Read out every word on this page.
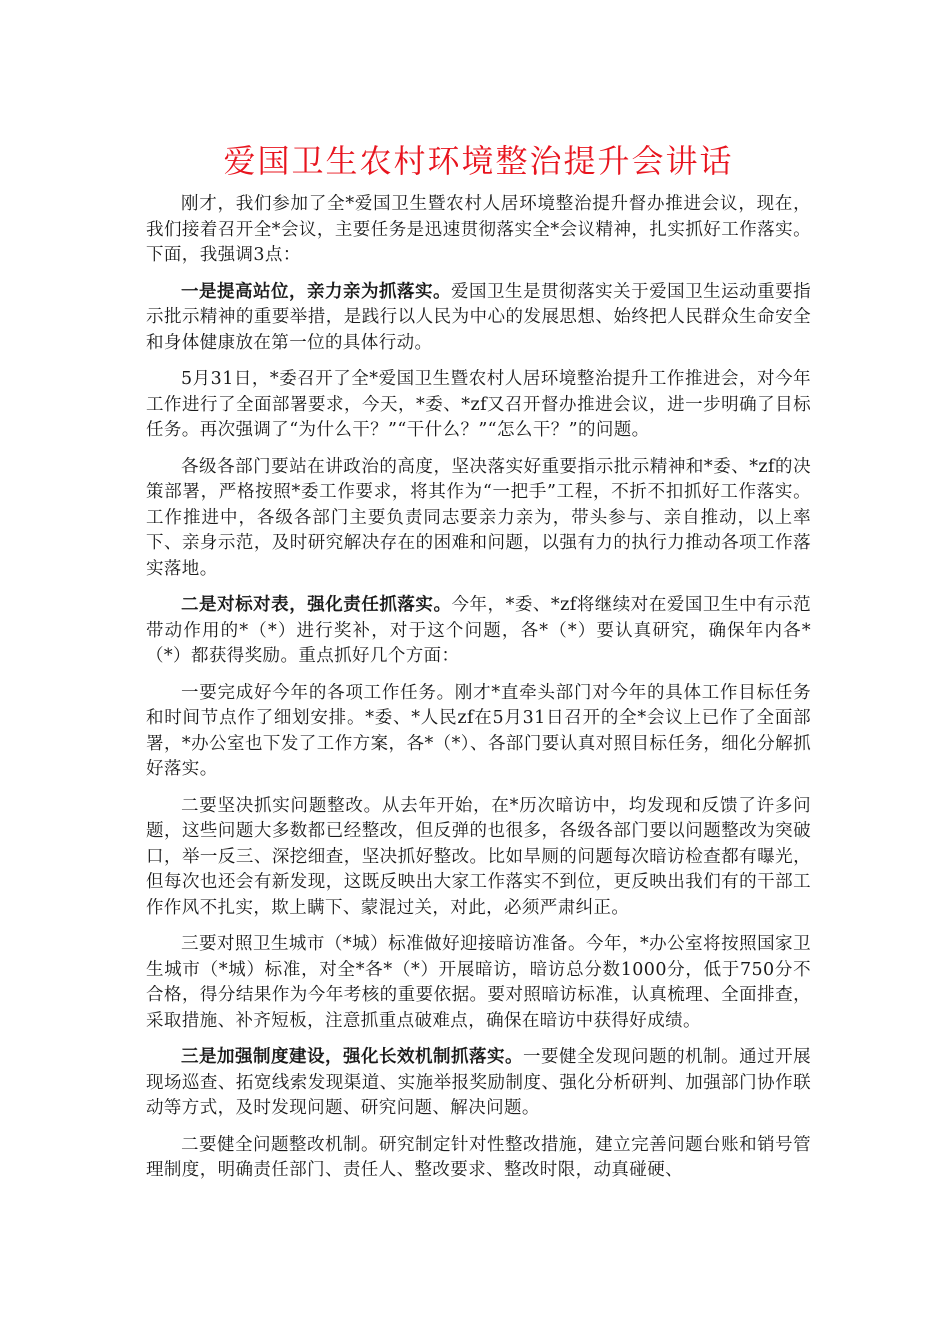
爱国卫生农村环境整治提升会讲话

刚才，我们参加了全*爱国卫生暨农村人居环境整治提升督办推进会议，现在，我们接着召开全*会议，主要任务是迅速贯彻落实全*会议精神，扎实抓好工作落实。下面，我强调3点：

一是提高站位，亲力亲为抓落实。爱国卫生是贯彻落实关于爱国卫生运动重要指示批示精神的重要举措，是践行以人民为中心的发展思想、始终把人民群众生命安全和身体健康放在第一位的具体行动。

5月31日，*委召开了全*爱国卫生暨农村人居环境整治提升工作推进会，对今年工作进行了全面部署要求，今天，*委、*zf又召开督办推进会议，进一步明确了目标任务。再次强调了“为什么干？”“干什么？”“怎么干？”的问题。

各级各部门要站在讲政治的高度，坚决落实好重要指示批示精神和*委、*zf的决策部署，严格按照*委工作要求，将其作为“一把手”工程，不折不扣抓好工作落实。工作推进中，各级各部门主要负责同志要亲力亲为，带头参与、亲自推动，以上率下、亲身示范，及时研究解决存在的困难和问题，以强有力的执行力推动各项工作落实落地。

二是对标对表，强化责任抓落实。今年，*委、*zf将继续对在爱国卫生中有示范带动作用的*（*）进行奖补，对于这个问题，各*（*）要认真研究，确保年内各*（*）都获得奖励。重点抓好几个方面：

一要完成好今年的各项工作任务。刚才*直牵头部门对今年的具体工作目标任务和时间节点作了细划安排。*委、*人民zf在5月31日召开的全*会议上已作了全面部署，*办公室也下发了工作方案，各*（*）、各部门要认真对照目标任务，细化分解抓好落实。

二要坚决抓实问题整改。从去年开始，在*历次暗访中，均发现和反馈了许多问题，这些问题大多数都已经整改，但反弹的也很多，各级各部门要以问题整改为突破口，举一反三、深挖细查，坚决抓好整改。比如旱厕的问题每次暗访检查都有曝光，但每次也还会有新发现，这既反映出大家工作落实不到位，更反映出我们有的干部工作作风不扎实，欺上瞒下、蒙混过关，对此，必须严肃纠正。

三要对照卫生城市（*城）标准做好迎接暗访准备。今年，*办公室将按照国家卫生城市（*城）标准，对全*各*（*）开展暗访，暗访总分数1000分，低于750分不合格，得分结果作为今年考核的重要依据。要对照暗访标准，认真梳理、全面排查，采取措施、补齐短板，注意抓重点破难点，确保在暗访中获得好成绩。

三是加强制度建设，强化长效机制抓落实。一要健全发现问题的机制。通过开展现场巡查、拓宽线索发现渠道、实施举报奖励制度、强化分析研判、加强部门协作联动等方式，及时发现问题、研究问题、解决问题。

二要健全问题整改机制。研究制定针对性整改措施，建立完善问题台账和销号管理制度，明确责任部门、责任人、整改要求、整改时限，动真碰硬、
